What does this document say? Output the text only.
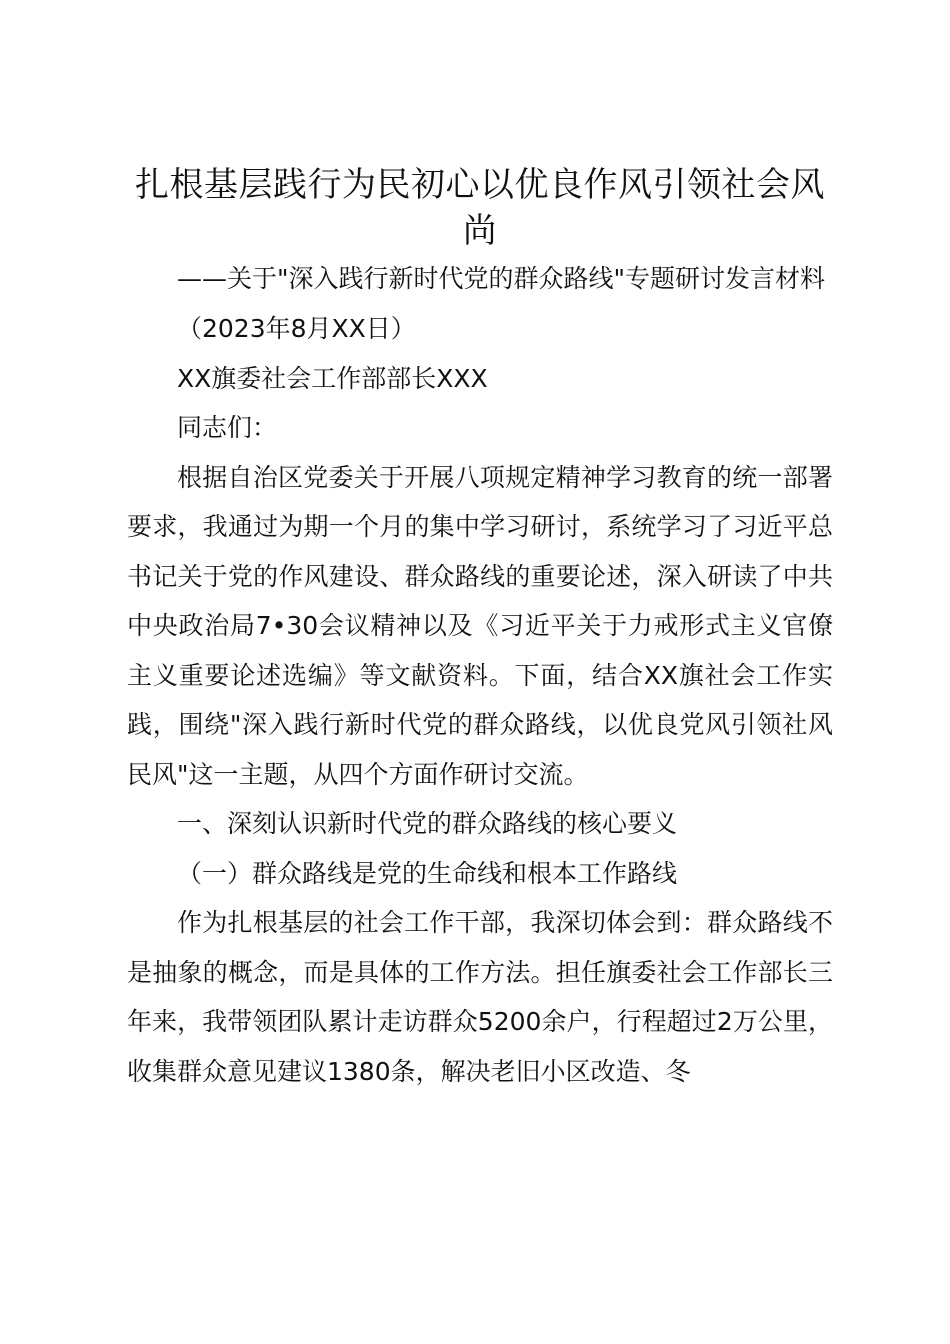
扎根基层践行为民初心以优良作风引领社会风尚

——关于"深入践行新时代党的群众路线"专题研讨发言材料

（2023年8月XX日）

XX旗委社会工作部部长XXX

同志们：

根据自治区党委关于开展八项规定精神学习教育的统一部署要求，我通过为期一个月的集中学习研讨，系统学习了习近平总书记关于党的作风建设、群众路线的重要论述，深入研读了中共中央政治局7•30会议精神以及《习近平关于力戒形式主义官僚主义重要论述选编》等文献资料。下面，结合XX旗社会工作实践，围绕"深入践行新时代党的群众路线，以优良党风引领社风民风"这一主题，从四个方面作研讨交流。

一、深刻认识新时代党的群众路线的核心要义

（一）群众路线是党的生命线和根本工作路线

作为扎根基层的社会工作干部，我深切体会到：群众路线不是抽象的概念，而是具体的工作方法。担任旗委社会工作部长三年来，我带领团队累计走访群众5200余户，行程超过2万公里，收集群众意见建议1380条，解决老旧小区改造、冬
